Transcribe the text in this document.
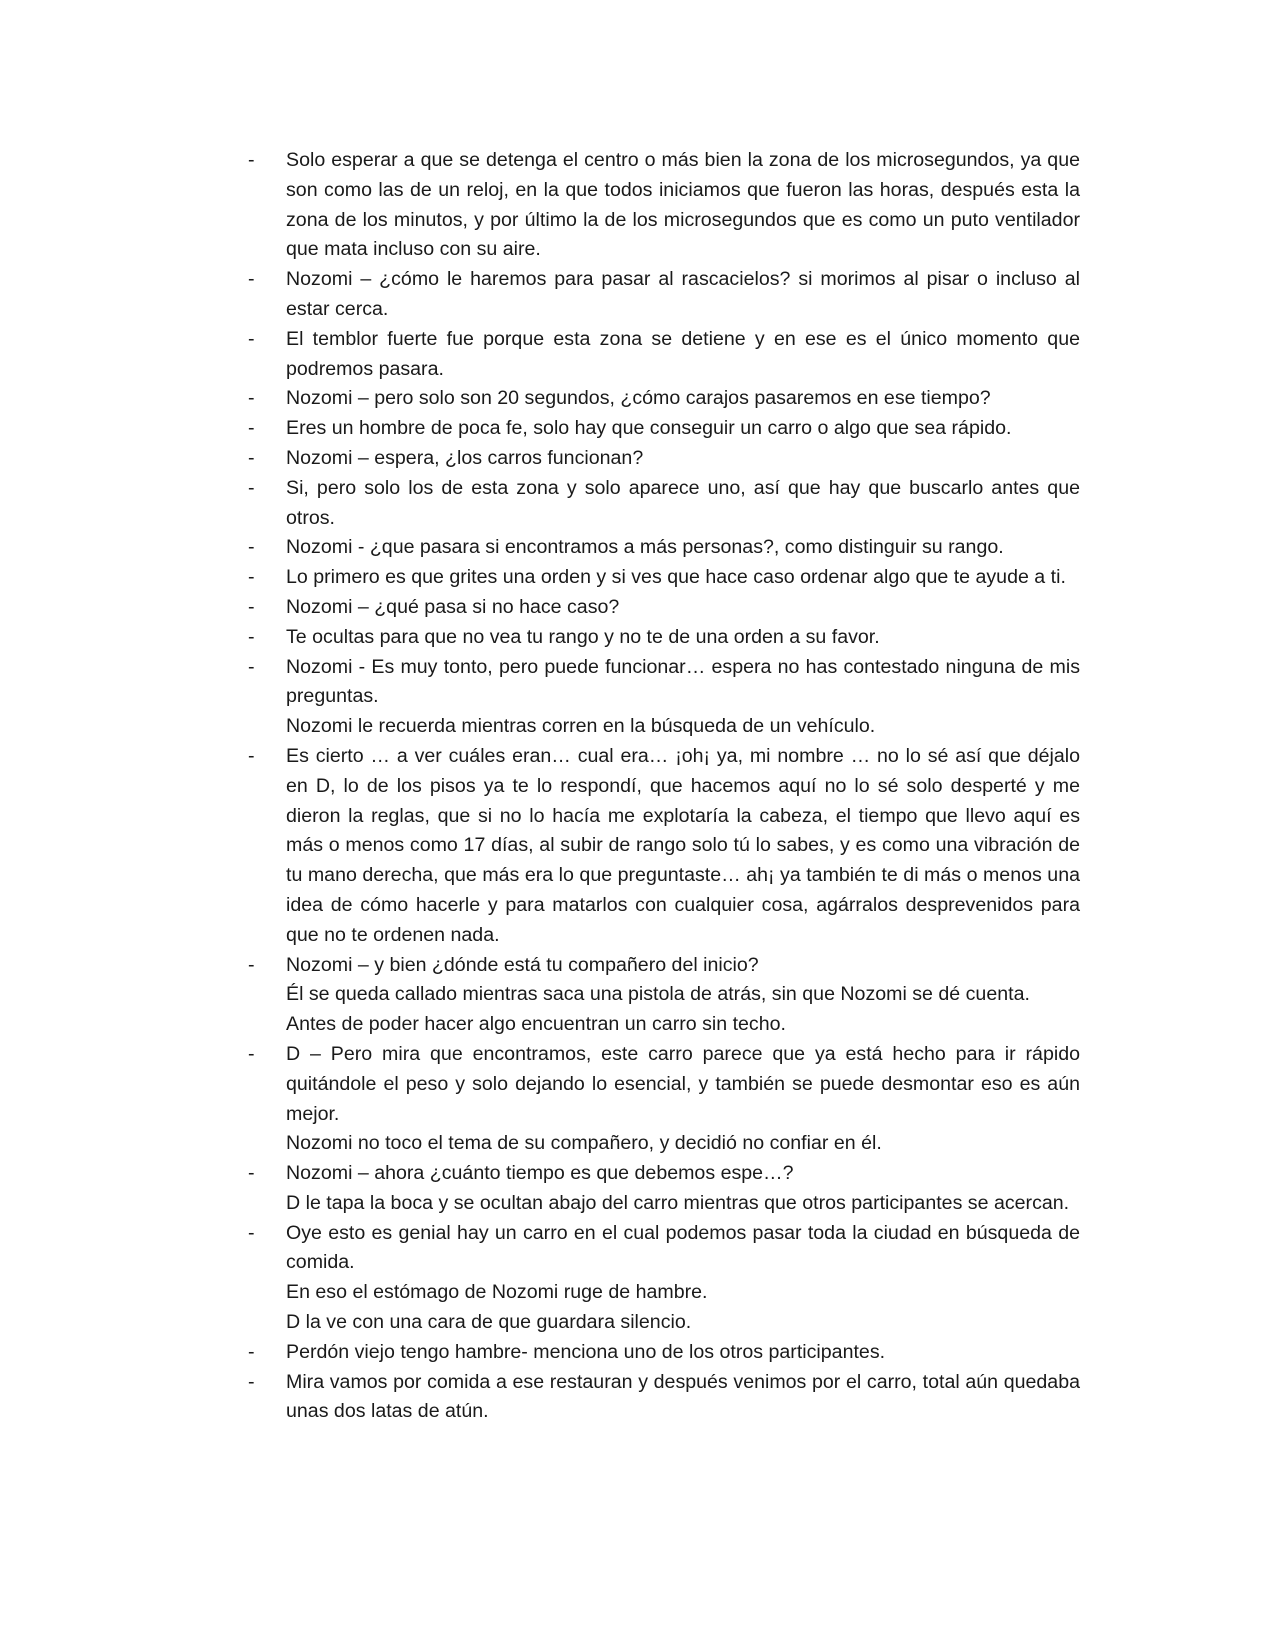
-	Solo esperar a que se detenga el centro o más bien la zona de los microsegundos, ya que son como las de un reloj, en la que todos iniciamos que fueron las horas, después esta la zona de los minutos, y por último la de los microsegundos que es como un puto ventilador que mata incluso con su aire.
-	Nozomi – ¿cómo le haremos para pasar al rascacielos? si morimos al pisar o incluso al estar cerca.
-	El temblor fuerte fue porque esta zona se detiene y en ese es el único momento que podremos pasara.
-	Nozomi – pero solo son 20 segundos, ¿cómo carajos pasaremos en ese tiempo?
-	Eres un hombre de poca fe, solo hay que conseguir un carro o algo que sea rápido.
-	Nozomi – espera, ¿los carros funcionan?
-	Si, pero solo los de esta zona y solo aparece uno, así que hay que buscarlo antes que otros.
-	Nozomi - ¿que pasara si encontramos a más personas?, como distinguir su rango.
-	Lo primero es que grites una orden y si ves que hace caso ordenar algo que te ayude a ti.
-	Nozomi – ¿qué pasa si no hace caso?
-	Te ocultas para que no vea tu rango y no te de una orden a su favor.
-	Nozomi - Es muy tonto, pero puede funcionar… espera no has contestado ninguna de mis preguntas.
Nozomi le recuerda mientras corren en la búsqueda de un vehículo.
-	Es cierto … a ver cuáles eran… cual era… ¡oh¡ ya, mi nombre … no lo sé así que déjalo en D, lo de los pisos ya te lo respondí, que hacemos aquí no lo sé solo desperté y me dieron la reglas, que si no lo hacía me explotaría la cabeza, el tiempo que llevo aquí es más o menos como 17 días, al subir de rango solo tú lo sabes, y es como una vibración de tu mano derecha, que más era lo que preguntaste… ah¡ ya también te di más o menos una idea de cómo hacerle y para matarlos con cualquier cosa, agárralos desprevenidos para que no te ordenen nada.
-	Nozomi – y bien ¿dónde está tu compañero del inicio?
Él se queda callado mientras saca una pistola de atrás, sin que Nozomi se dé cuenta.
Antes de poder hacer algo encuentran un carro sin techo.
-	D – Pero mira que encontramos, este carro parece que ya está hecho para ir rápido quitándole el peso y solo dejando lo esencial, y también se puede desmontar eso es aún mejor.
Nozomi no toco el tema de su compañero, y decidió no confiar en él.
-	Nozomi – ahora ¿cuánto tiempo es que debemos espe…?
D le tapa la boca y se ocultan abajo del carro mientras que otros participantes se acercan.
-	Oye esto es genial hay un carro en el cual podemos pasar toda la ciudad en búsqueda de comida.
En eso el estómago de Nozomi ruge de hambre.
D la ve con una cara de que guardara silencio.
-	Perdón viejo tengo hambre- menciona uno de los otros participantes.
-	Mira vamos por comida a ese restauran y después venimos por el carro, total aún quedaba unas dos latas de atún.
